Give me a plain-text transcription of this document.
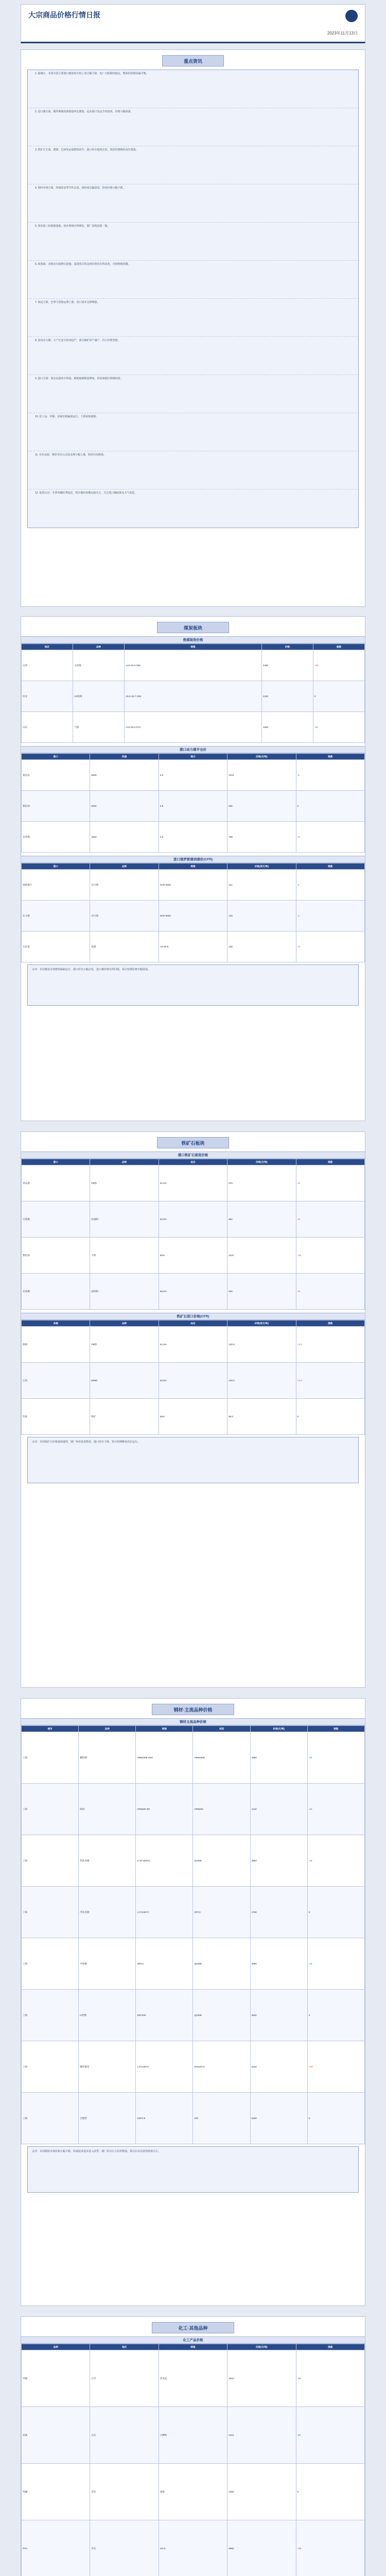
大宗商品价格行情日报
2023年11月13日
重点资讯
1. 据统计，本周全国主要港口煤炭库存较上周小幅下降，电厂日耗维持稳定，整体供需格局偏平衡。
2. 进口煤方面，俄罗斯煤炭到港量环比增加，远东港口发运节奏加快，价格小幅回落。
3. 铁矿石方面，澳洲、巴西发运量整体回升，港口库存延续去化，现货价格维持高位震荡。
4. 钢材市场方面，终端需求季节性走弱，建材成交偏清淡，热卷价格小幅下跌。
5. 焦炭第三轮提涨落地，焦企利润有所修复，钢厂采购意愿一般。
6. 政策面：多地出台稳增长措施，基建项目资金到位情况有所改善，市场情绪回暖。
7. 海运方面，巴拿马型船运费上涨，进口成本支撑增强。
8. 国内动力煤：主产区安全检查趋严，部分煤矿停产减产，坑口价格坚挺。
9. 港口方面：秦皇岛港库存回落，锚地船舶数量增加，贸易商挺价情绪较浓。
10. 化工品：甲醇、尿素价格偏弱运行，下游采购谨慎。
11. 有色金属：铜价受美元走弱支撑小幅上涨，铝价区间震荡。
12. 展望后市：冬季用煤旺季临近，预计煤价短期以稳为主，关注进口煤政策及天气变化。
煤炭板块
焦煤现货价格
地区	品种	规格	价格	涨跌
山西	主焦煤	A10 S0.8 G85	2450	+20
河北	1/3焦煤	A9.5 S0.7 G80	2180	0
山东	气煤	A10 S0.6 G70	1950	-10
港口动力煤平仓价
港口	热值	硫分	价格(元/吨)	涨跌
秦皇岛	5500	0.6	1018	-5
曹妃甸	5000	0.8	905	0
京唐港	4500	0.8	798	+3
进口俄罗斯煤到港价(CFR)
港口	品种	规格	价格(美元/吨)	涨跌
纳霍德卡	动力煤	NAR 5500	112	-2
东方港	动力煤	NAR 6000	128	-1
瓦尼诺	焦煤	A9 S0.5	236	+3
点评：本周煤炭市场整体偏稳运行，港口库存小幅去化，进口煤价格有所回落，预计短期价格窄幅震荡。
铁矿石板块
港口铁矿石现货价格
港口	品种	品位	价格(元/吨)	涨跌
青岛港	PB粉	61.5%	975	+8
日照港	纽曼粉	62.5%	992	+6
曹妃甸	卡粉	65%	1120	+10
京唐港	超特粉	56.5%	820	+5
铁矿石进口价格(CFR)
来源	品种	品位	价格(美元/吨)	涨跌
澳洲	PB粉	61.5%	126.5	+1.5
巴西	BRBF	62.5%	130.0	+1.0
印度	粉矿	58%	98.0	0
点评：本周铁矿石价格延续强势，钢厂补库需求释放，港口库存下降，预计短期维持高位运行。
钢材·主流品种价格
钢材主流品种价格
城市	品种	规格	材质	价格(元/吨)	涨跌
上海	螺纹钢	HRB400E Φ20	HRB400E	3880	-20
上海	线材	HPB300 Φ8	HPB300	4120	-10
上海	热轧卷板	5.75*1500*C	Q235B	3950	-30
上海	冷轧卷板	1.0*1250*C	SPCC	4780	0
上海	中厚板	20mm	Q235B	3990	-10
上海	H型钢	200*200	Q235B	3920	0
上海	镀锌板卷	1.0*1250*C	DX51D+Z	5150	+10
上海	无缝管	108*4.5	20#	5200	0
点评：本周钢材市场价格小幅下跌，终端需求逐步进入淡季，钢厂库存压力有所增加，预计后市以弱势震荡为主。
化工·其他品种
化工产品价格
品种	地区	规格	价格(元/吨)	涨跌
甲醇	江苏	优等品	2520	-15
尿素	山东	小颗粒	2410	-20
纯碱	华北	重质	2280	0
PVC	华东	SG-5	5860	+30
